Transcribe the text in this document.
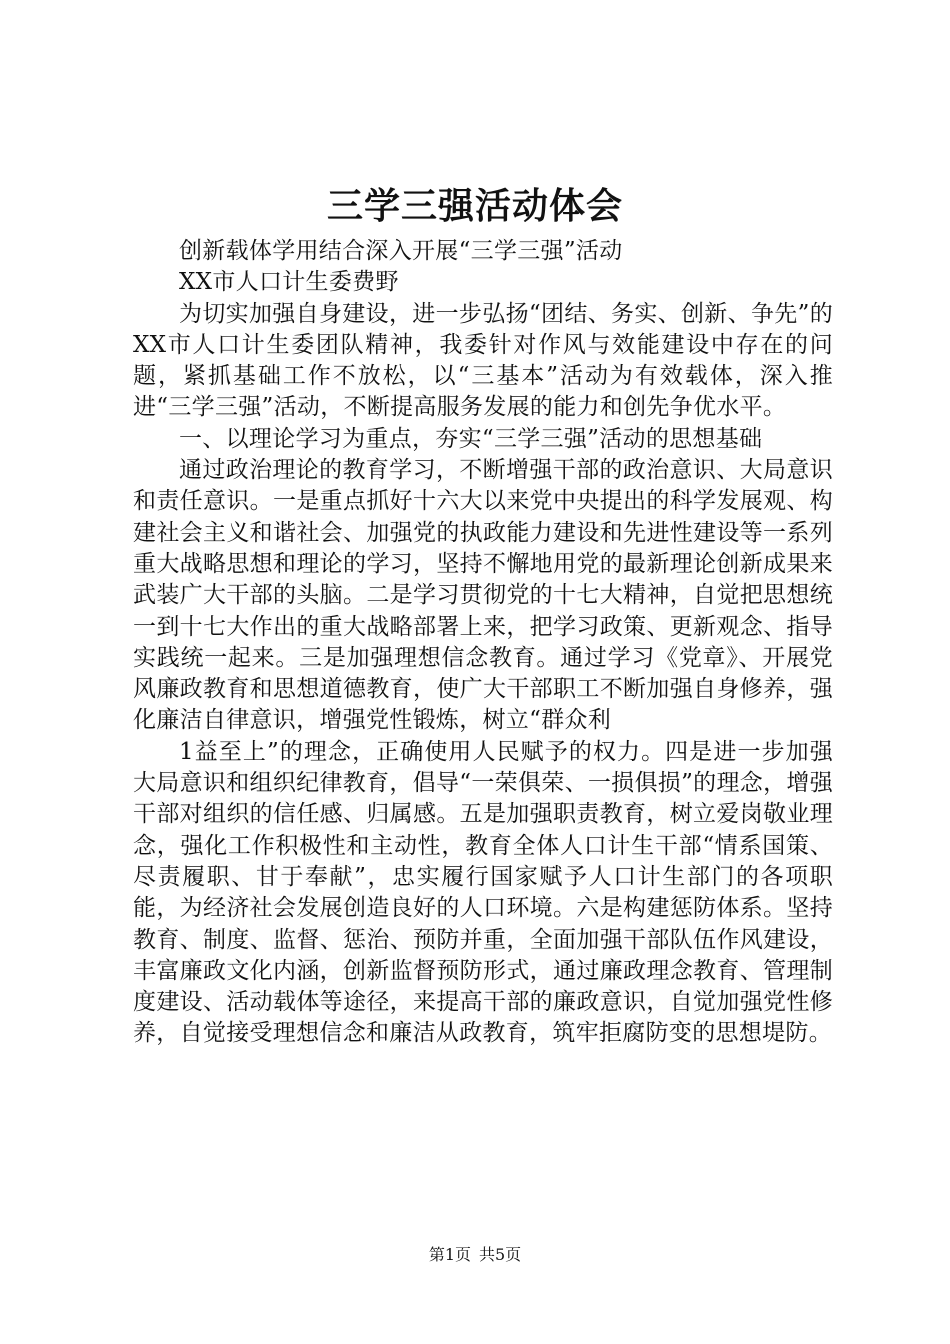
三学三强活动体会

创新载体学用结合深入开展“三学三强”活动

XX市人口计生委费野

为切实加强自身建设，进一步弘扬“团结、务实、创新、争先”的XX市人口计生委团队精神，我委针对作风与效能建设中存在的问题，紧抓基础工作不放松，以“三基本”活动为有效载体，深入推进“三学三强”活动，不断提高服务发展的能力和创先争优水平。

一、以理论学习为重点，夯实“三学三强”活动的思想基础

通过政治理论的教育学习，不断增强干部的政治意识、大局意识和责任意识。一是重点抓好十六大以来党中央提出的科学发展观、构建社会主义和谐社会、加强党的执政能力建设和先进性建设等一系列重大战略思想和理论的学习，坚持不懈地用党的最新理论创新成果来武装广大干部的头脑。二是学习贯彻党的十七大精神，自觉把思想统一到十七大作出的重大战略部署上来，把学习政策、更新观念、指导实践统一起来。三是加强理想信念教育。通过学习《党章》、开展党风廉政教育和思想道德教育，使广大干部职工不断加强自身修养，强化廉洁自律意识，增强党性锻炼，树立“群众利

1益至上”的理念，正确使用人民赋予的权力。四是进一步加强大局意识和组织纪律教育，倡导“一荣俱荣、一损俱损”的理念，增强干部对组织的信任感、归属感。五是加强职责教育，树立爱岗敬业理念，强化工作积极性和主动性，教育全体人口计生干部“情系国策、尽责履职、甘于奉献”，忠实履行国家赋予人口计生部门的各项职能，为经济社会发展创造良好的人口环境。六是构建惩防体系。坚持教育、制度、监督、惩治、预防并重，全面加强干部队伍作风建设，丰富廉政文化内涵，创新监督预防形式，通过廉政理念教育、管理制度建设、活动载体等途径，来提高干部的廉政意识，自觉加强党性修养，自觉接受理想信念和廉洁从政教育，筑牢拒腐防变的思想堤防。

第1页 共5页
